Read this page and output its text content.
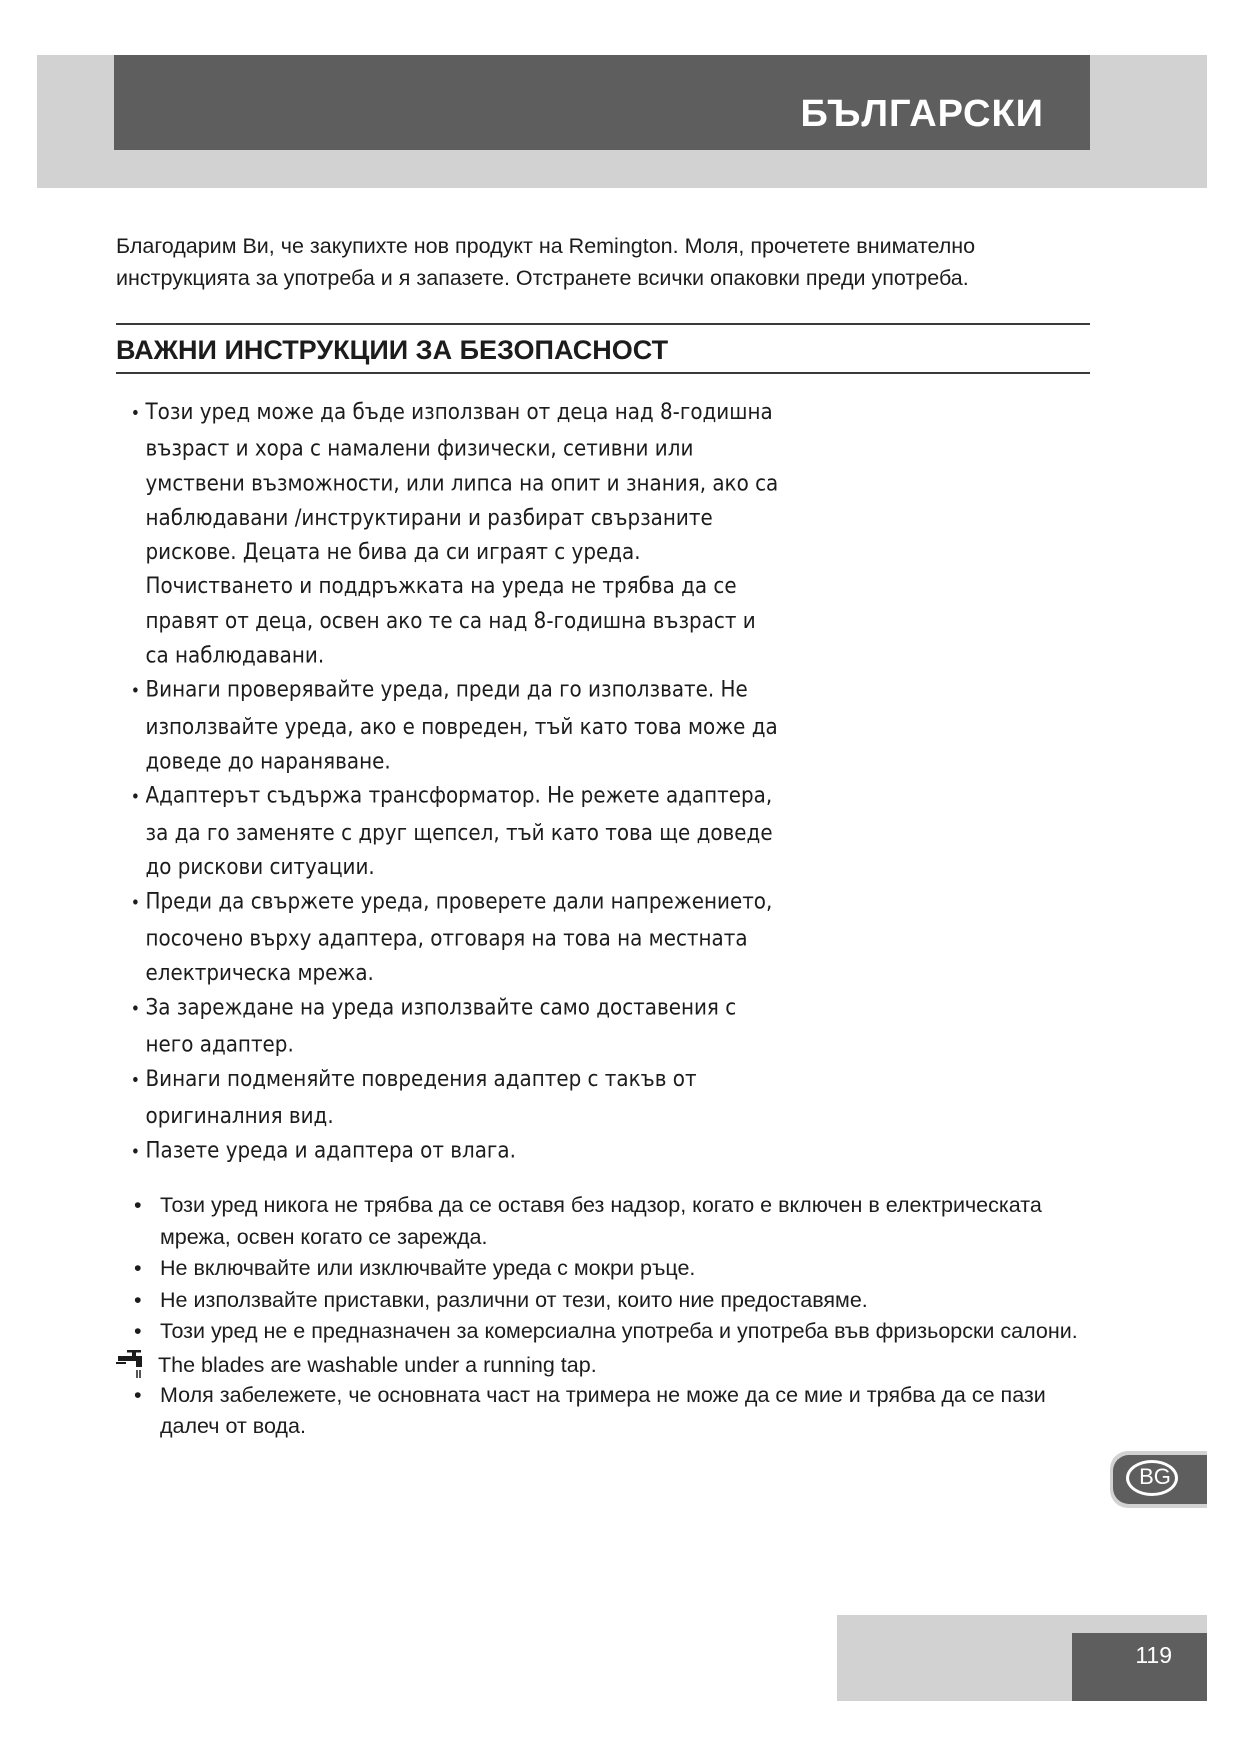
БЪЛГАРСКИ

Благодарим Ви, че закупихте нов продукт на Remington. Моля, прочетете внимателно инструкцията за употреба и я запазете. Отстранете всички опаковки преди употреба.

ВАЖНИ ИНСТРУКЦИИ ЗА БЕЗОПАСНОСТ
• Този уред може да бъде използван от деца над 8-годишна възраст и хора с намалени физически, сетивни или умствени възможности, или липса на опит и знания, ако са наблюдавани /инструктирани и разбират свързаните рискове. Децата не бива да си играят с уреда. Почистването и поддръжката на уреда не трябва да се правят от деца, освен ако те са над 8-годишна възраст и са наблюдавани.
• Винаги проверявайте уреда, преди да го използвате. Не използвайте уреда, ако е повреден, тъй като това може да доведе до нараняване.
• Адаптерът съдържа трансформатор. Не режете адаптера, за да го заменяте с друг щепсел, тъй като това ще доведе до рискови ситуации.
• Преди да свържете уреда, проверете дали напрежението, посочено върху адаптера, отговаря на това на местната електрическа мрежа.
• За зареждане на уреда използвайте само доставения с него адаптер.
• Винаги подменяйте повредения адаптер с такъв от оригиналния вид.
• Пазете уреда и адаптера от влага.
• Този уред никога не трябва да се оставя без надзор, когато е включен в електрическата мрежа, освен когато се зарежда.
• Не включвайте или изключвайте уреда с мокри ръце.
• Не използвайте приставки, различни от тези, които ние предоставяме.
• Този уред не е предназначен за комерсиална употреба и употреба във фризьорски салони.
The blades are washable under a running tap.
• Моля забележете, че основната част на тримера не може да се мие и трябва да се пази далеч от вода.
BG
119
